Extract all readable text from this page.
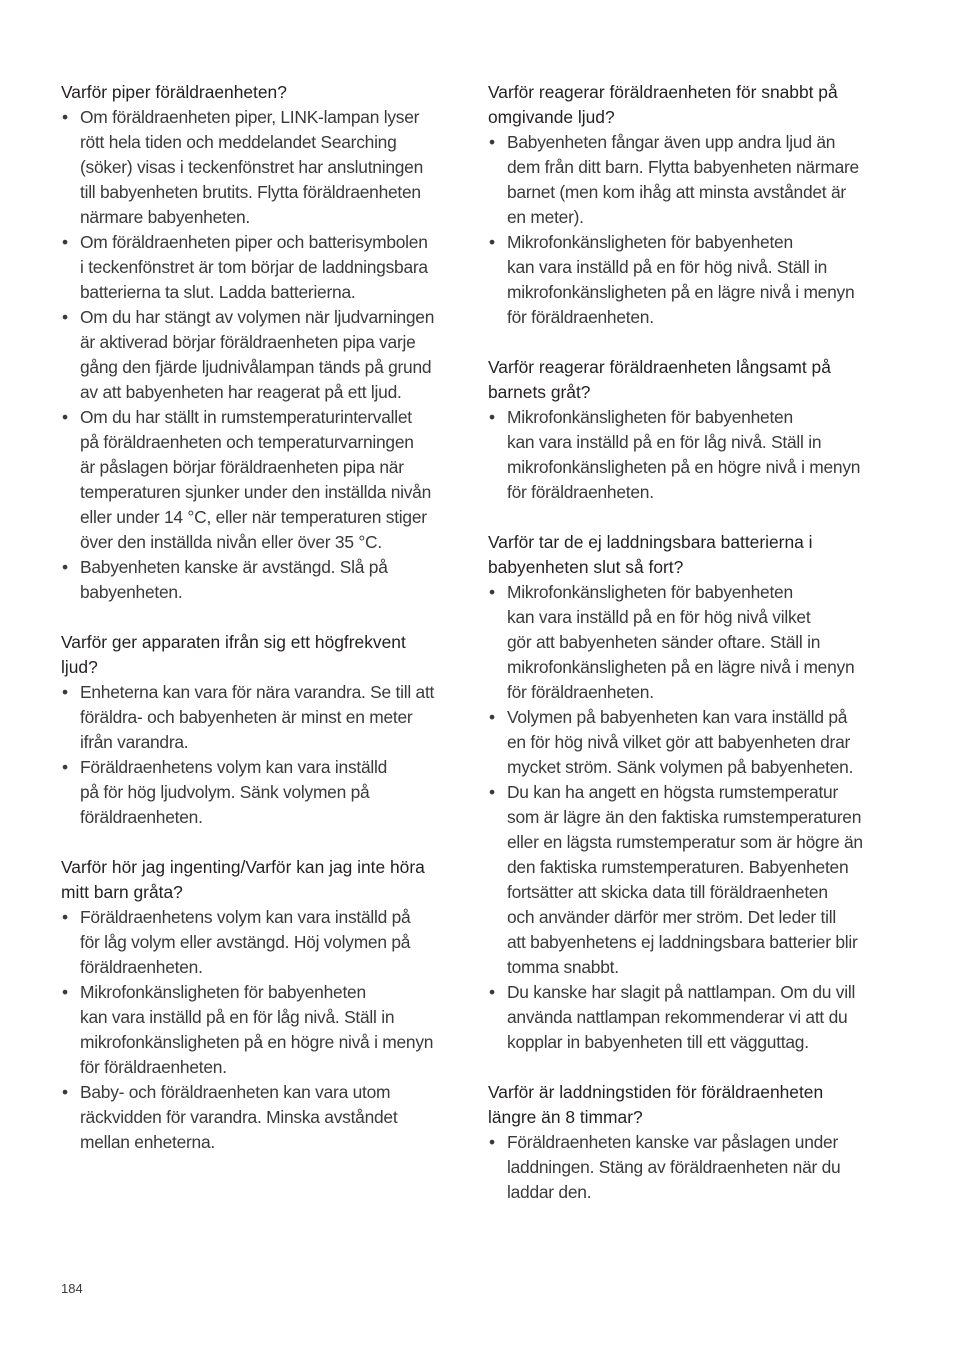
Varför piper föräldraenheten?
• Om föräldraenheten piper, LINK-lampan lyser
rött hela tiden och meddelandet Searching
(söker) visas i teckenfönstret har anslutningen
till babyenheten brutits. Flytta föräldraenheten
närmare babyenheten.
• Om föräldraenheten piper och batterisymbolen
i teckenfönstret är tom börjar de laddningsbara
batterierna ta slut. Ladda batterierna.
• Om du har stängt av volymen när ljudvarningen
är aktiverad börjar föräldraenheten pipa varje
gång den fjärde ljudnivålampan tänds på grund
av att babyenheten har reagerat på ett ljud.
• Om du har ställt in rumstemperaturintervallet
på föräldraenheten och temperaturvarningen
är påslagen börjar föräldraenheten pipa när
temperaturen sjunker under den inställda nivån
eller under 14 °C, eller när temperaturen stiger
över den inställda nivån eller över 35 °C.
• Babyenheten kanske är avstängd. Slå på
babyenheten.
Varför ger apparaten ifrån sig ett högfrekvent
ljud?
• Enheterna kan vara för nära varandra. Se till att
föräldra- och babyenheten är minst en meter
ifrån varandra.
• Föräldraenhetens volym kan vara inställd
på för hög ljudvolym. Sänk volymen på
föräldraenheten.
Varför hör jag ingenting/Varför kan jag inte höra
mitt barn gråta?
• Föräldraenhetens volym kan vara inställd på
för låg volym eller avstängd. Höj volymen på
föräldraenheten.
• Mikrofonkänsligheten för babyenheten
kan vara inställd på en för låg nivå. Ställ in
mikrofonkänsligheten på en högre nivå i menyn
för föräldraenheten.
• Baby- och föräldraenheten kan vara utom
räckvidden för varandra. Minska avståndet
mellan enheterna.
Varför reagerar föräldraenheten för snabbt på
omgivande ljud?
• Babyenheten fångar även upp andra ljud än
dem från ditt barn. Flytta babyenheten närmare
barnet (men kom ihåg att minsta avståndet är
en meter).
• Mikrofonkänsligheten för babyenheten
kan vara inställd på en för hög nivå. Ställ in
mikrofonkänsligheten på en lägre nivå i menyn
för föräldraenheten.
Varför reagerar föräldraenheten långsamt på
barnets gråt?
• Mikrofonkänsligheten för babyenheten
kan vara inställd på en för låg nivå. Ställ in
mikrofonkänsligheten på en högre nivå i menyn
för föräldraenheten.
Varför tar de ej laddningsbara batterierna i
babyenheten slut så fort?
• Mikrofonkänsligheten för babyenheten
kan vara inställd på en för hög nivå vilket
gör att babyenheten sänder oftare. Ställ in
mikrofonkänsligheten på en lägre nivå i menyn
för föräldraenheten.
• Volymen på babyenheten kan vara inställd på
en för hög nivå vilket gör att babyenheten drar
mycket ström. Sänk volymen på babyenheten.
• Du kan ha angett en högsta rumstemperatur
som är lägre än den faktiska rumstemperaturen
eller en lägsta rumstemperatur som är högre än
den faktiska rumstemperaturen. Babyenheten
fortsätter att skicka data till föräldraenheten
och använder därför mer ström. Det leder till
att babyenhetens ej laddningsbara batterier blir
tomma snabbt.
• Du kanske har slagit på nattlampan. Om du vill
använda nattlampan rekommenderar vi att du
kopplar in babyenheten till ett vägguttag.
Varför är laddningstiden för föräldraenheten
längre än 8 timmar?
• Föräldraenheten kanske var påslagen under
laddningen. Stäng av föräldraenheten när du
laddar den.
184
